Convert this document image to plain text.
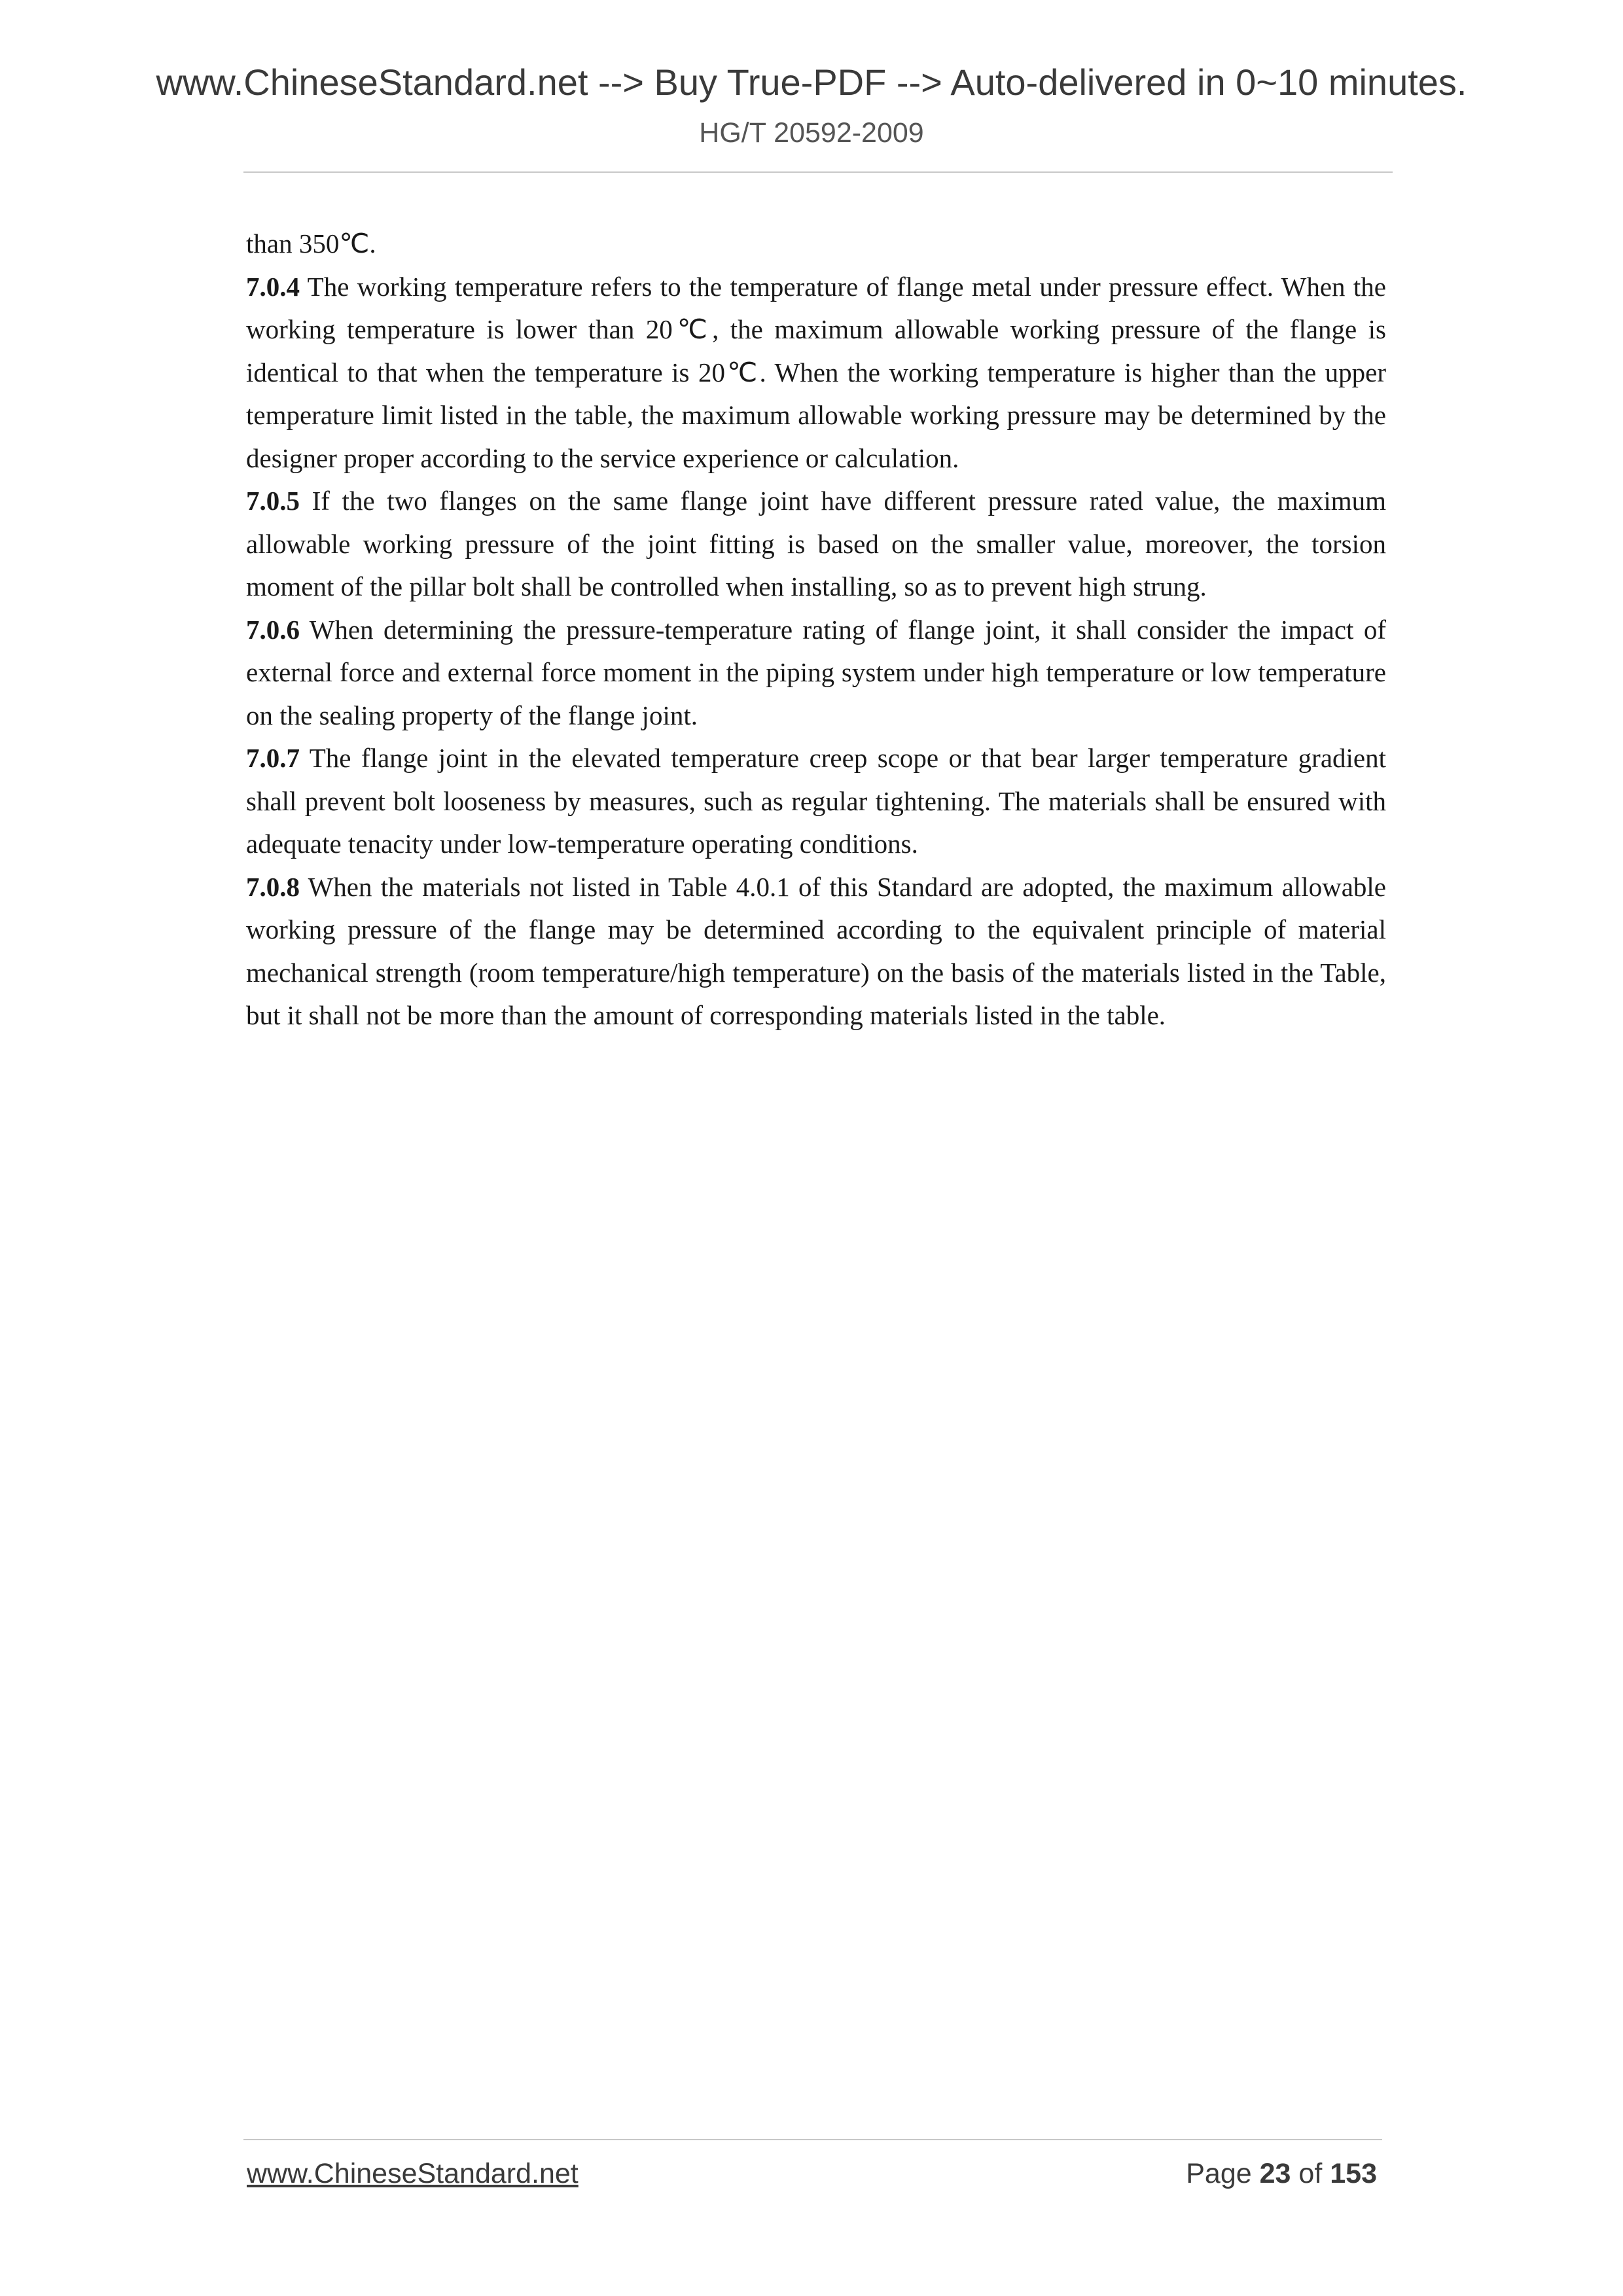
www.ChineseStandard.net --> Buy True-PDF --> Auto-delivered in 0~10 minutes.
HG/T 20592-2009

than 350℃.

7.0.4 The working temperature refers to the temperature of flange metal under pressure effect. When the working temperature is lower than 20℃, the maximum allowable working pressure of the flange is identical to that when the temperature is 20℃. When the working temperature is higher than the upper temperature limit listed in the table, the maximum allowable working pressure may be determined by the designer proper according to the service experience or calculation.

7.0.5 If the two flanges on the same flange joint have different pressure rated value, the maximum allowable working pressure of the joint fitting is based on the smaller value, moreover, the torsion moment of the pillar bolt shall be controlled when installing, so as to prevent high strung.

7.0.6 When determining the pressure-temperature rating of flange joint, it shall consider the impact of external force and external force moment in the piping system under high temperature or low temperature on the sealing property of the flange joint.

7.0.7 The flange joint in the elevated temperature creep scope or that bear larger temperature gradient shall prevent bolt looseness by measures, such as regular tightening. The materials shall be ensured with adequate tenacity under low-temperature operating conditions.

7.0.8 When the materials not listed in Table 4.0.1 of this Standard are adopted, the maximum allowable working pressure of the flange may be determined according to the equivalent principle of material mechanical strength (room temperature/high temperature) on the basis of the materials listed in the Table, but it shall not be more than the amount of corresponding materials listed in the table.

www.ChineseStandard.net	Page 23 of 153
